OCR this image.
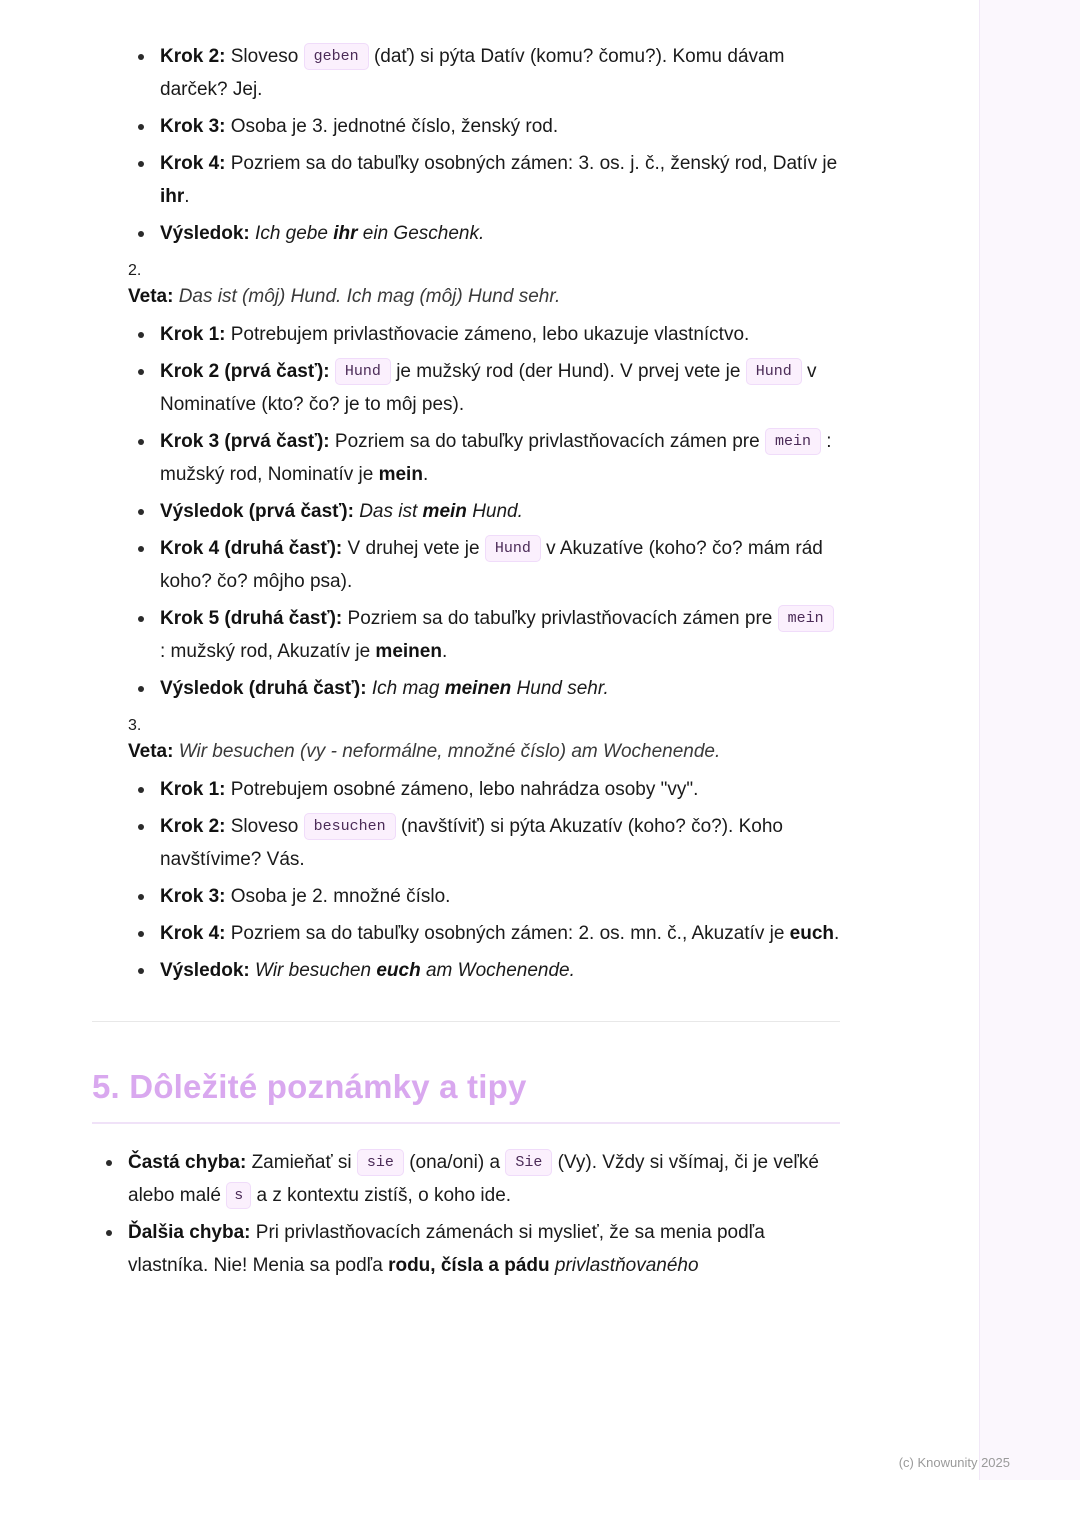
Krok 2: Sloveso geben (dať) si pýta Datív (komu? čomu?). Komu dávam darček? Jej.
Krok 3: Osoba je 3. jednotné číslo, ženský rod.
Krok 4: Pozriem sa do tabuľky osobných zámen: 3. os. j. č., ženský rod, Datív je ihr.
Výsledok: Ich gebe ihr ein Geschenk.
2.
Veta: Das ist (môj) Hund. Ich mag (môj) Hund sehr.
Krok 1: Potrebujem privlastňovacie zámeno, lebo ukazuje vlastníctvo.
Krok 2 (prvá časť): Hund je mužský rod (der Hund). V prvej vete je Hund v Nominatíve (kto? čo? je to môj pes).
Krok 3 (prvá časť): Pozriem sa do tabuľky privlastňovacích zámen pre mein : mužský rod, Nominatív je mein.
Výsledok (prvá časť): Das ist mein Hund.
Krok 4 (druhá časť): V druhej vete je Hund v Akuzatíve (koho? čo? mám rád koho? čo? môjho psa).
Krok 5 (druhá časť): Pozriem sa do tabuľky privlastňovacích zámen pre mein : mužský rod, Akuzatív je meinen.
Výsledok (druhá časť): Ich mag meinen Hund sehr.
3.
Veta: Wir besuchen (vy - neformálne, množné číslo) am Wochenende.
Krok 1: Potrebujem osobné zámeno, lebo nahrádza osoby "vy".
Krok 2: Sloveso besuchen (navštíviť) si pýta Akuzatív (koho? čo?). Koho navštívime? Vás.
Krok 3: Osoba je 2. množné číslo.
Krok 4: Pozriem sa do tabuľky osobných zámen: 2. os. mn. č., Akuzatív je euch.
Výsledok: Wir besuchen euch am Wochenende.
5. Dôležité poznámky a tipy
Častá chyba: Zamieňať si sie (ona/oni) a Sie (Vy). Vždy si všímaj, či je veľké alebo malé s a z kontextu zistíš, o koho ide.
Ďalšia chyba: Pri privlastňovacích zámenách si myslieť, že sa menia podľa vlastníka. Nie! Menia sa podľa rodu, čísla a pádu privlastňovaného
(c) Knowunity 2025
